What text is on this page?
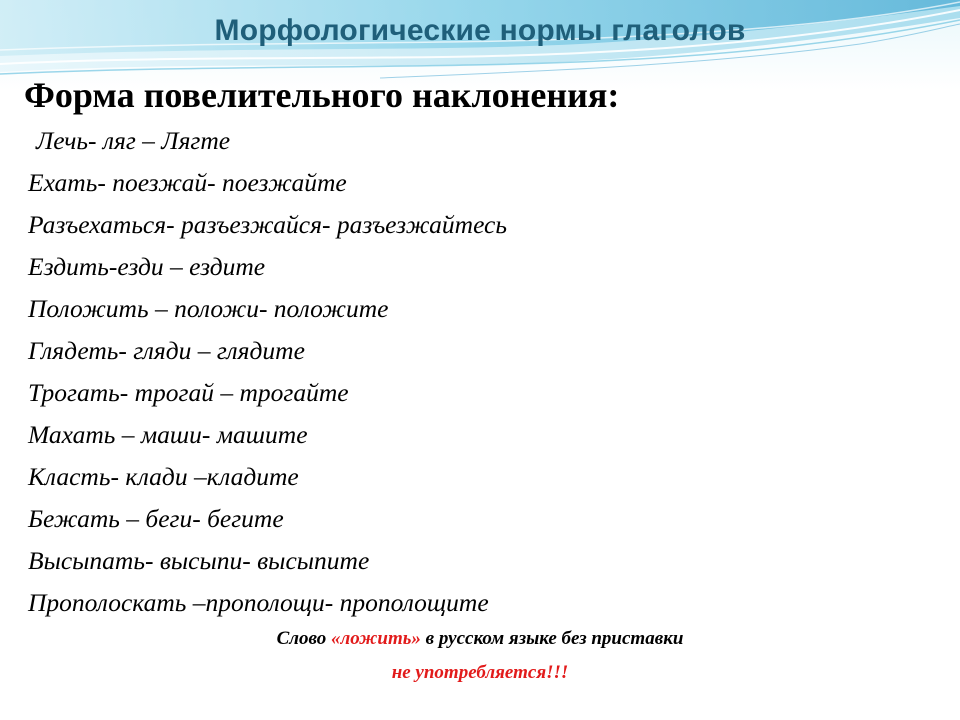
Морфологические нормы глаголов
Форма повелительного наклонения:
Лечь- ляг – Лягте
Ехать- поезжай- поезжайте
Разъехаться- разъезжайся- разъезжайтесь
Ездить-езди – ездите
Положить – положи- положите
Глядеть- гляди – глядите
Трогать- трогай – трогайте
Махать – маши- машите
Класть- клади –кладите
Бежать – беги- бегите
Высыпать- высыпи- высыпите
Прополоскать –прополощи- прополощите
Слово «ложить» в русском языке без приставки
не употребляется!!!
